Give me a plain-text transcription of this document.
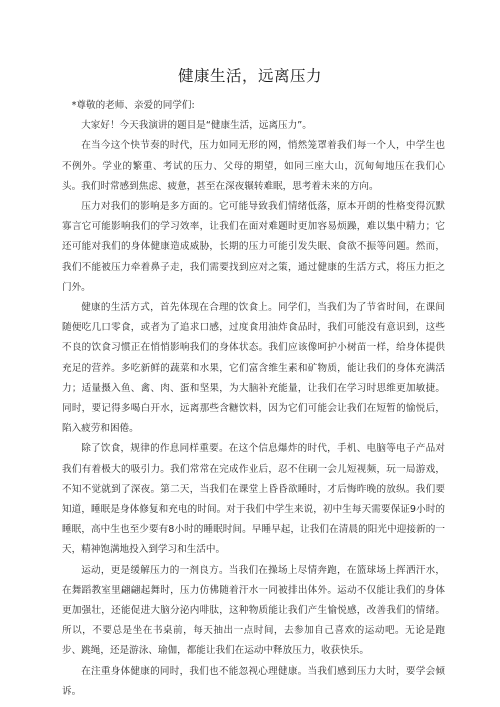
健康生活，远离压力

*尊敬的老师、亲爱的同学们:

大家好！今天我演讲的题目是“健康生活，远离压力”。

在当今这个快节奏的时代，压力如同无形的网，悄然笼罩着我们每一个人，中学生也不例外。学业的繁重、考试的压力、父母的期望，如同三座大山，沉甸甸地压在我们心头。我们时常感到焦虑、疲惫，甚至在深夜辗转难眠，思考着未来的方向。

压力对我们的影响是多方面的。它可能导致我们情绪低落，原本开朗的性格变得沉默寡言它可能影响我们的学习效率，让我们在面对难题时更加容易烦躁，难以集中精力；它还可能对我们的身体健康造成威胁，长期的压力可能引发失眠、食欲不振等问题。然而，我们不能被压力牵着鼻子走，我们需要找到应对之策，通过健康的生活方式，将压力拒之门外。

健康的生活方式，首先体现在合理的饮食上。同学们，当我们为了节省时间，在课间随便吃几口零食，或者为了追求口感，过度食用油炸食品时，我们可能没有意识到，这些不良的饮食习惯正在悄悄影响我们的身体状态。我们应该像呵护小树苗一样，给身体提供充足的营养。多吃新鲜的蔬菜和水果，它们富含维生素和矿物质，能让我们的身体充满活力；适量摄入鱼、禽、肉、蛋和坚果，为大脑补充能量，让我们在学习时思维更加敏捷。同时，要记得多喝白开水，远离那些含糖饮料，因为它们可能会让我们在短暂的愉悦后，陷入疲劳和困倦。

除了饮食，规律的作息同样重要。在这个信息爆炸的时代，手机、电脑等电子产品对我们有着极大的吸引力。我们常常在完成作业后，忍不住刷一会儿短视频，玩一局游戏，不知不觉就到了深夜。第二天，当我们在课堂上昏昏欲睡时，才后悔昨晚的放纵。我们要知道，睡眠是身体修复和充电的时间。对于我们中学生来说，初中生每天需要保证9小时的睡眠，高中生也至少要有8小时的睡眠时间。早睡早起，让我们在清晨的阳光中迎接新的一天，精神饱满地投入到学习和生活中。

运动，更是缓解压力的一剂良方。当我们在操场上尽情奔跑，在篮球场上挥洒汗水，在舞蹈教室里翩翩起舞时，压力仿佛随着汗水一同被排出体外。运动不仅能让我们的身体更加强壮，还能促进大脑分泌内啡肽，这种物质能让我们产生愉悦感，改善我们的情绪。所以，不要总是坐在书桌前，每天抽出一点时间，去参加自己喜欢的运动吧。无论是跑步、跳绳，还是游泳、瑜伽，都能让我们在运动中释放压力，收获快乐。

在注重身体健康的同时，我们也不能忽视心理健康。当我们感到压力大时，要学会倾诉。
